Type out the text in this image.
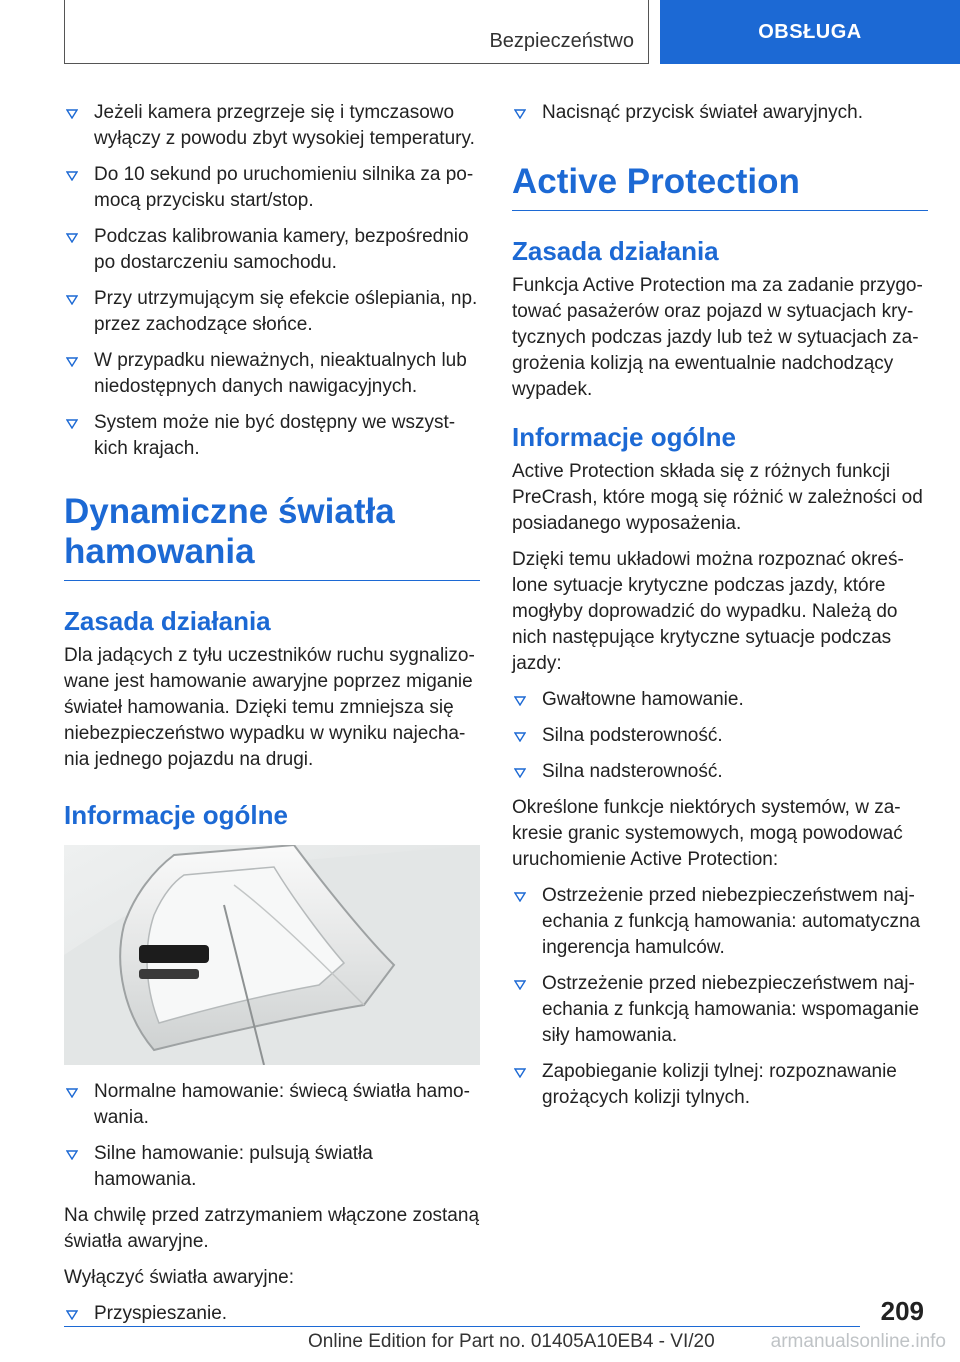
Bezpieczeństwo	OBSŁUGA
Jeżeli kamera przegrzeje się i tymczasowo wyłączy z powodu zbyt wysokiej temperatury.
Do 10 sekund po uruchomieniu silnika za po-mocą przycisku start/stop.
Podczas kalibrowania kamery, bezpośrednio po dostarczeniu samochodu.
Przy utrzymującym się efekcie oślepiania, np. przez zachodzące słońce.
W przypadku nieważnych, nieaktualnych lub niedostępnych danych nawigacyjnych.
System może nie być dostępny we wszyst-kich krajach.
Dynamiczne światła hamowania
Zasada działania

Dla jadących z tyłu uczestników ruchu sygnalizo-wane jest hamowanie awaryjne poprzez miganie świateł hamowania. Dzięki temu zmniejsza się niebezpieczeństwo wypadku w wyniku najecha-nia jednego pojazdu na drugi.

Informacje ogólne
Normalne hamowanie: świecą światła hamo-wania.
Silne hamowanie: pulsują światła hamowania.

Na chwilę przed zatrzymaniem włączone zostaną światła awaryjne.

Wyłączyć światła awaryjne:

Przyspieszanie.
Nacisnąć przycisk świateł awaryjnych.
Active Protection
Zasada działania

Funkcja Active Protection ma za zadanie przygo-tować pasażerów oraz pojazd w sytuacjach kry-tycznych podczas jazdy lub też w sytuacjach za-grożenia kolizją na ewentualnie nadchodzący wypadek.

Informacje ogólne

Active Protection składa się z różnych funkcji PreCrash, które mogą się różnić w zależności od posiadanego wyposażenia.

Dzięki temu układowi można rozpoznać okreś-lone sytuacje krytyczne podczas jazdy, które mogłyby doprowadzić do wypadku. Należą do nich następujące krytyczne sytuacje podczas jazdy:

Gwałtowne hamowanie.
Silna podsterowność.
Silna nadsterowność.

Określone funkcje niektórych systemów, w za-kresie granic systemowych, mogą powodować uruchomienie Active Protection:

Ostrzeżenie przed niebezpieczeństwem naj-echania z funkcją hamowania: automatyczna ingerencja hamulców.
Ostrzeżenie przed niebezpieczeństwem naj-echania z funkcją hamowania: wspomaganie siły hamowania.
Zapobieganie kolizji tylnej: rozpoznawanie grożących kolizji tylnych.
209
Online Edition for Part no. 01405A10EB4 - VI/20	armanualsonline.info
